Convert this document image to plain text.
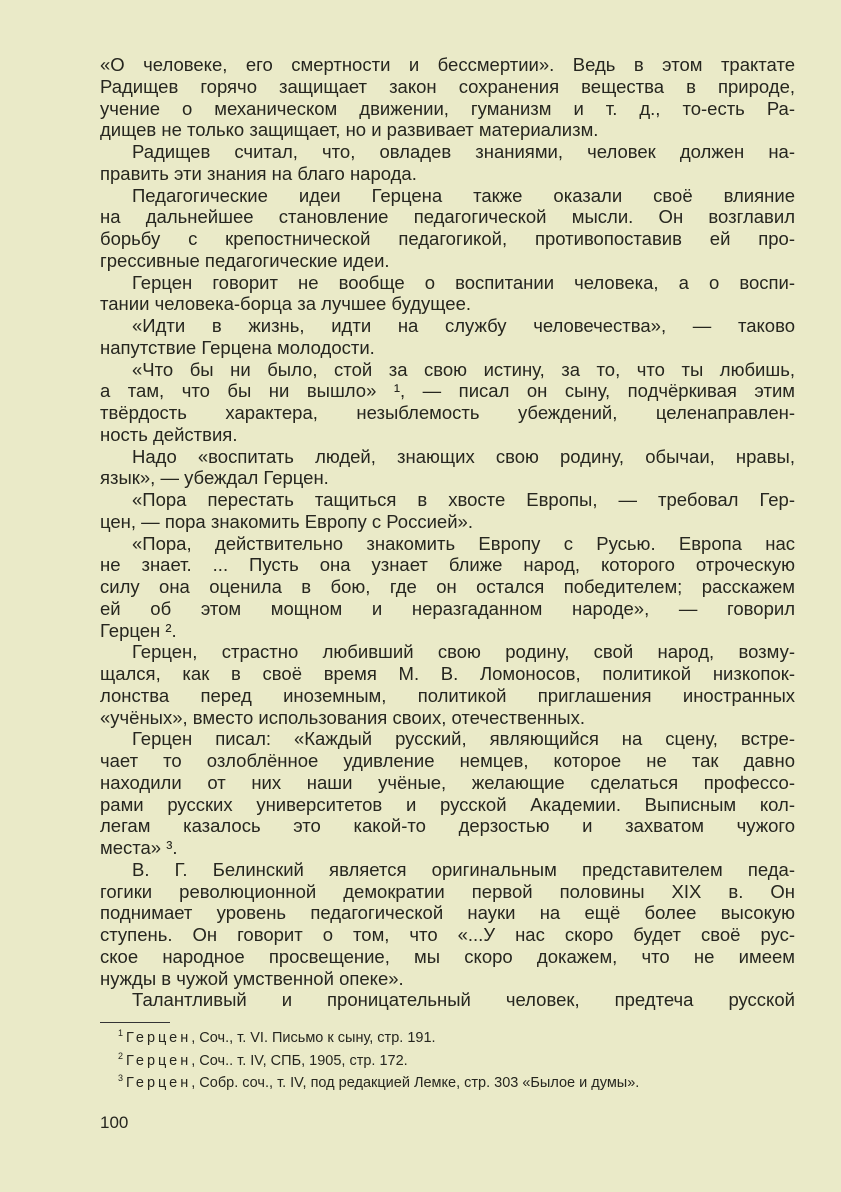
«О человеке, его смертности и бессмертии». Ведь в этом трактате
Радищев горячо защищает закон сохранения вещества в природе,
учение о механическом движении, гуманизм и т. д., то-есть Ра-
дищев не только защищает, но и развивает материализм.
Радищев считал, что, овладев знаниями, человек должен на-
править эти знания на благо народа.
Педагогические идеи Герцена также оказали своё влияние
на дальнейшее становление педагогической мысли. Он возглавил
борьбу с крепостнической педагогикой, противопоставив ей про-
грессивные педагогические идеи.
Герцен говорит не вообще о воспитании человека, а о воспи-
тании человека-борца за лучшее будущее.
«Идти в жизнь, идти на службу человечества», — таково
напутствие Герцена молодости.
«Что бы ни было, стой за свою истину, за то, что ты любишь,
а там, что бы ни вышло» ¹, — писал он сыну, подчёркивая этим
твёрдость характера, незыблемость убеждений, целенаправлен-
ность действия.
Надо «воспитать людей, знающих свою родину, обычаи, нравы,
язык», — убеждал Герцен.
«Пора перестать тащиться в хвосте Европы, — требовал Гер-
цен, — пора знакомить Европу с Россией».
«Пора, действительно знакомить Европу с Русью. Европа нас
не знает. ... Пусть она узнает ближе народ, которого отроческую
силу она оценила в бою, где он остался победителем; расскажем
ей об этом мощном и неразгаданном народе», — говорил
Герцен ².
Герцен, страстно любивший свою родину, свой народ, возму-
щался, как в своё время М. В. Ломоносов, политикой низкопок-
лонства перед иноземным, политикой приглашения иностранных
«учёных», вместо использования своих, отечественных.
Герцен писал: «Каждый русский, являющийся на сцену, встре-
чает то озлоблённое удивление немцев, которое не так давно
находили от них наши учёные, желающие сделаться профессо-
рами русских университетов и русской Академии. Выписным кол-
легам казалось это какой-то дерзостью и захватом чужого
места» ³.
В. Г. Белинский является оригинальным представителем педа-
гогики революционной демократии первой половины XIX в. Он
поднимает уровень педагогической науки на ещё более высокую
ступень. Он говорит о том, что «...У нас скоро будет своё рус-
ское народное просвещение, мы скоро докажем, что не имеем
нужды в чужой умственной опеке».
Талантливый и проницательный человек, предтеча русской
$^1$ Герцен, Соч., т. VI. Письмо к сыну, стр. 191.
$^2$ Герцен, Соч.. т. IV, СПБ, 1905, стр. 172.
$^3$ Герцен, Собр. соч., т. IV, под редакцией Лемке, стр. 303 «Былое и думы».
100
